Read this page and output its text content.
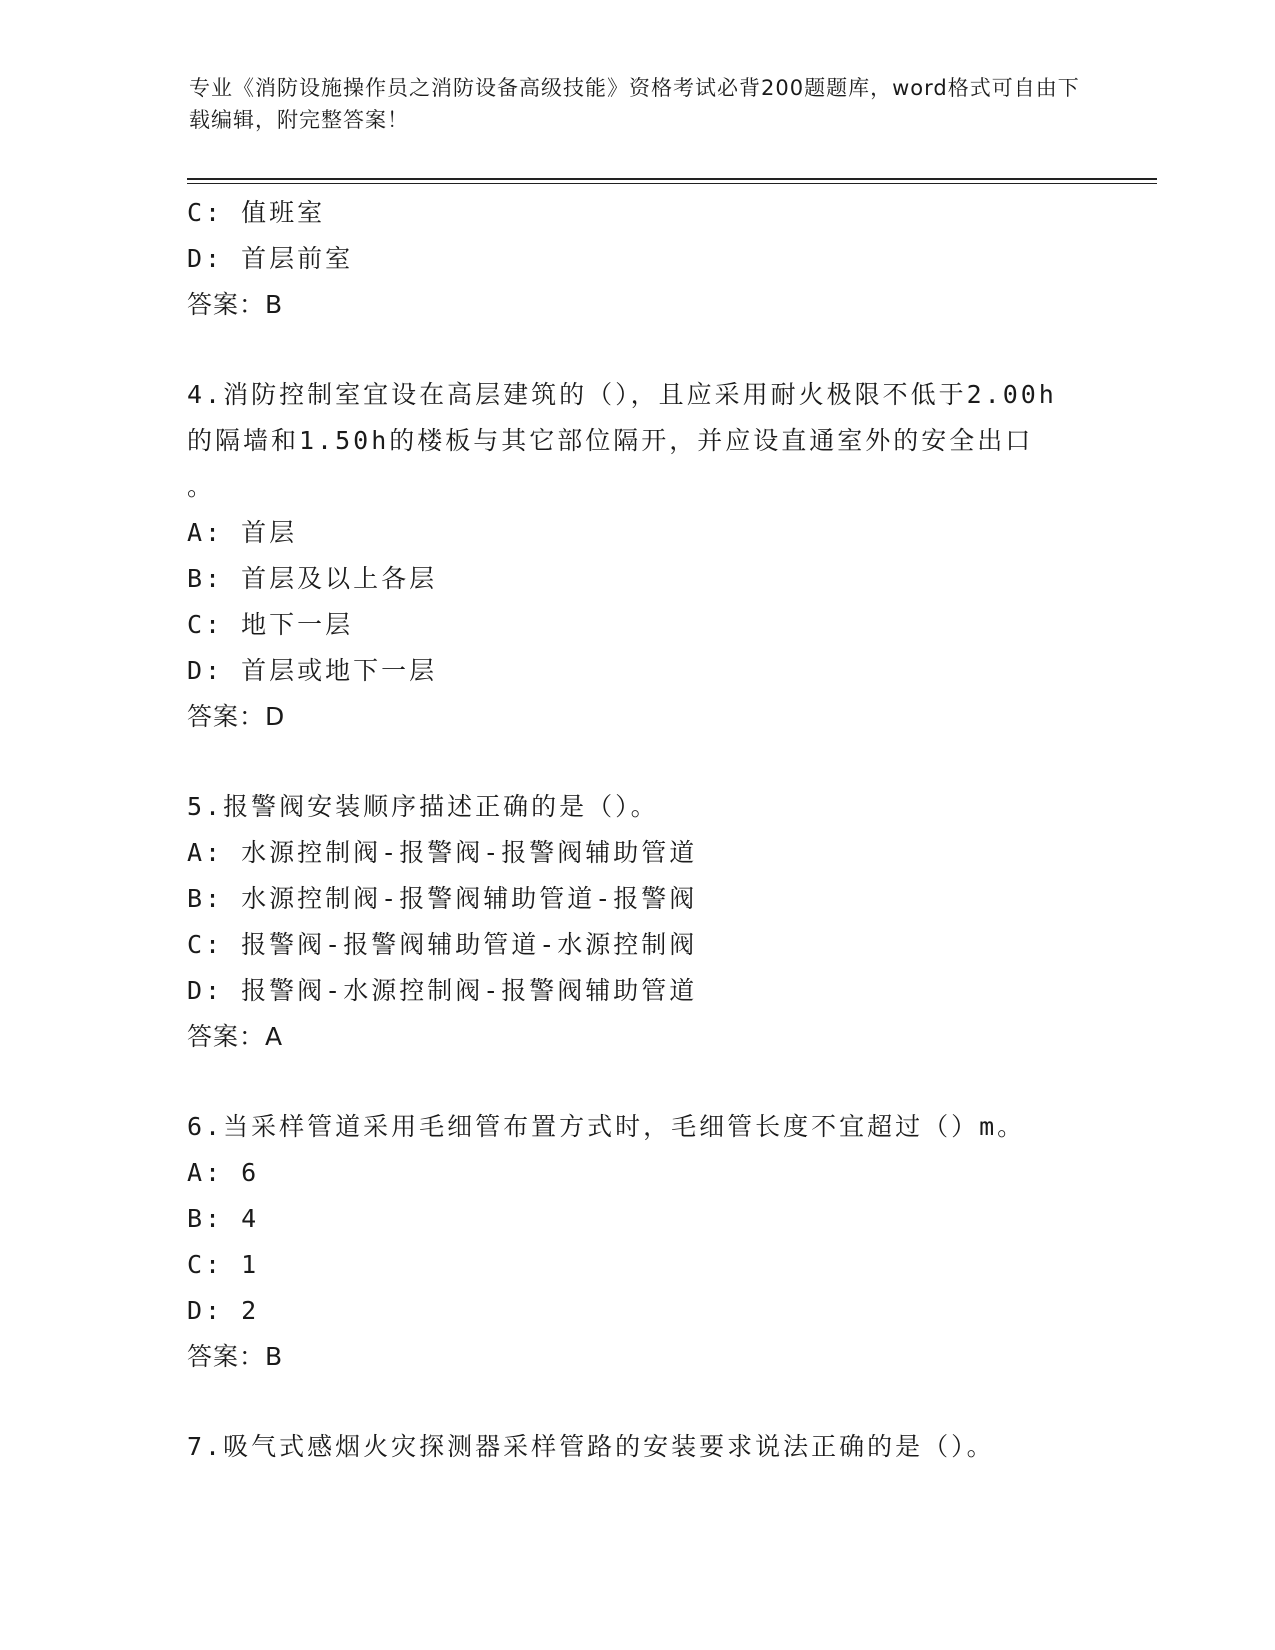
专业《消防设施操作员之消防设备高级技能》资格考试必背200题题库，word格式可自由下载编辑，附完整答案！
C: 值班室
D: 首层前室
答案：B
4.消防控制室宜设在高层建筑的（），且应采用耐火极限不低于2.00h
的隔墙和1.50h的楼板与其它部位隔开，并应设直通室外的安全出口
。
A: 首层
B: 首层及以上各层
C: 地下一层
D: 首层或地下一层
答案：D
5.报警阀安装顺序描述正确的是（）。
A: 水源控制阀-报警阀-报警阀辅助管道
B: 水源控制阀-报警阀辅助管道-报警阀
C: 报警阀-报警阀辅助管道-水源控制阀
D: 报警阀-水源控制阀-报警阀辅助管道
答案：A
6.当采样管道采用毛细管布置方式时，毛细管长度不宜超过（）m。
A: 6
B: 4
C: 1
D: 2
答案：B
7.吸气式感烟火灾探测器采样管路的安装要求说法正确的是（）。
